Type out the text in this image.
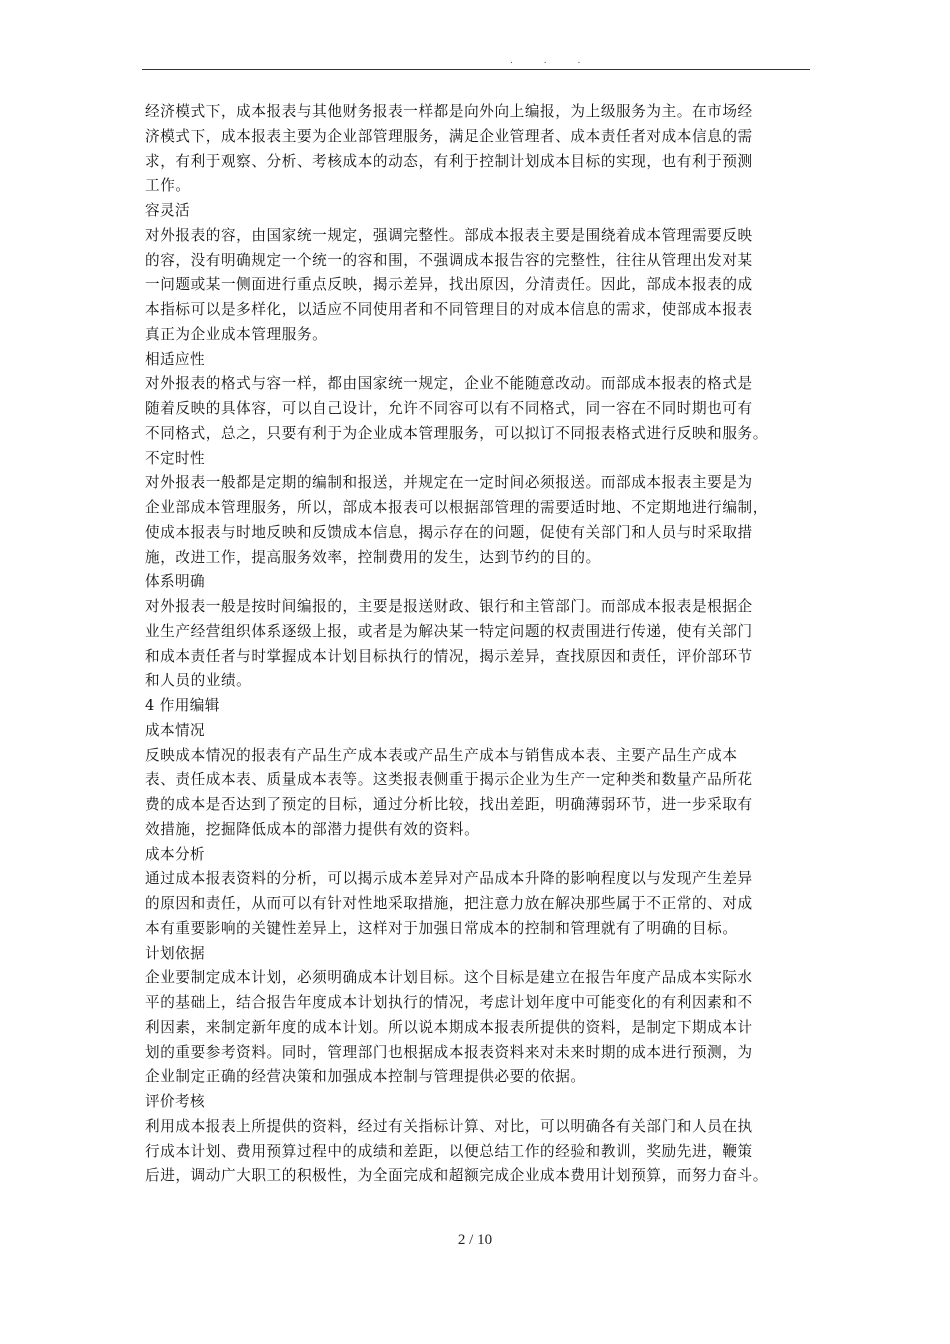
. . .
经济模式下，成本报表与其他财务报表一样都是向外向上编报，为上级服务为主。在市场经
济模式下，成本报表主要为企业部管理服务，满足企业管理者、成本责任者对成本信息的需
求，有利于观察、分析、考核成本的动态，有利于控制计划成本目标的实现，也有利于预测
工作。
容灵活
对外报表的容，由国家统一规定，强调完整性。部成本报表主要是围绕着成本管理需要反映
的容，没有明确规定一个统一的容和围，不强调成本报告容的完整性，往往从管理出发对某
一问题或某一侧面进行重点反映，揭示差异，找出原因，分清责任。因此，部成本报表的成
本指标可以是多样化，以适应不同使用者和不同管理目的对成本信息的需求，使部成本报表
真正为企业成本管理服务。
相适应性
对外报表的格式与容一样，都由国家统一规定，企业不能随意改动。而部成本报表的格式是
随着反映的具体容，可以自己设计，允许不同容可以有不同格式，同一容在不同时期也可有
不同格式，总之，只要有利于为企业成本管理服务，可以拟订不同报表格式进行反映和服务。
不定时性
对外报表一般都是定期的编制和报送，并规定在一定时间必须报送。而部成本报表主要是为
企业部成本管理服务，所以，部成本报表可以根据部管理的需要适时地、不定期地进行编制，
使成本报表与时地反映和反馈成本信息，揭示存在的问题，促使有关部门和人员与时采取措
施，改进工作，提高服务效率，控制费用的发生，达到节约的目的。
体系明确
对外报表一般是按时间编报的，主要是报送财政、银行和主管部门。而部成本报表是根据企
业生产经营组织体系逐级上报，或者是为解决某一特定问题的权责围进行传递，使有关部门
和成本责任者与时掌握成本计划目标执行的情况，揭示差异，查找原因和责任，评价部环节
和人员的业绩。
4 作用编辑
成本情况
反映成本情况的报表有产品生产成本表或产品生产成本与销售成本表、主要产品生产成本
表、责任成本表、质量成本表等。这类报表侧重于揭示企业为生产一定种类和数量产品所花
费的成本是否达到了预定的目标，通过分析比较，找出差距，明确薄弱环节，进一步采取有
效措施，挖掘降低成本的部潜力提供有效的资料。
成本分析
通过成本报表资料的分析，可以揭示成本差异对产品成本升降的影响程度以与发现产生差异
的原因和责任，从而可以有针对性地采取措施，把注意力放在解决那些属于不正常的、对成
本有重要影响的关键性差异上，这样对于加强日常成本的控制和管理就有了明确的目标。
计划依据
企业要制定成本计划，必须明确成本计划目标。这个目标是建立在报告年度产品成本实际水
平的基础上，结合报告年度成本计划执行的情况，考虑计划年度中可能变化的有利因素和不
利因素，来制定新年度的成本计划。所以说本期成本报表所提供的资料，是制定下期成本计
划的重要参考资料。同时，管理部门也根据成本报表资料来对未来时期的成本进行预测，为
企业制定正确的经营决策和加强成本控制与管理提供必要的依据。
评价考核
利用成本报表上所提供的资料，经过有关指标计算、对比，可以明确各有关部门和人员在执
行成本计划、费用预算过程中的成绩和差距，以便总结工作的经验和教训，奖励先进，鞭策
后进，调动广大职工的积极性，为全面完成和超额完成企业成本费用计划预算，而努力奋斗。
2 / 10
